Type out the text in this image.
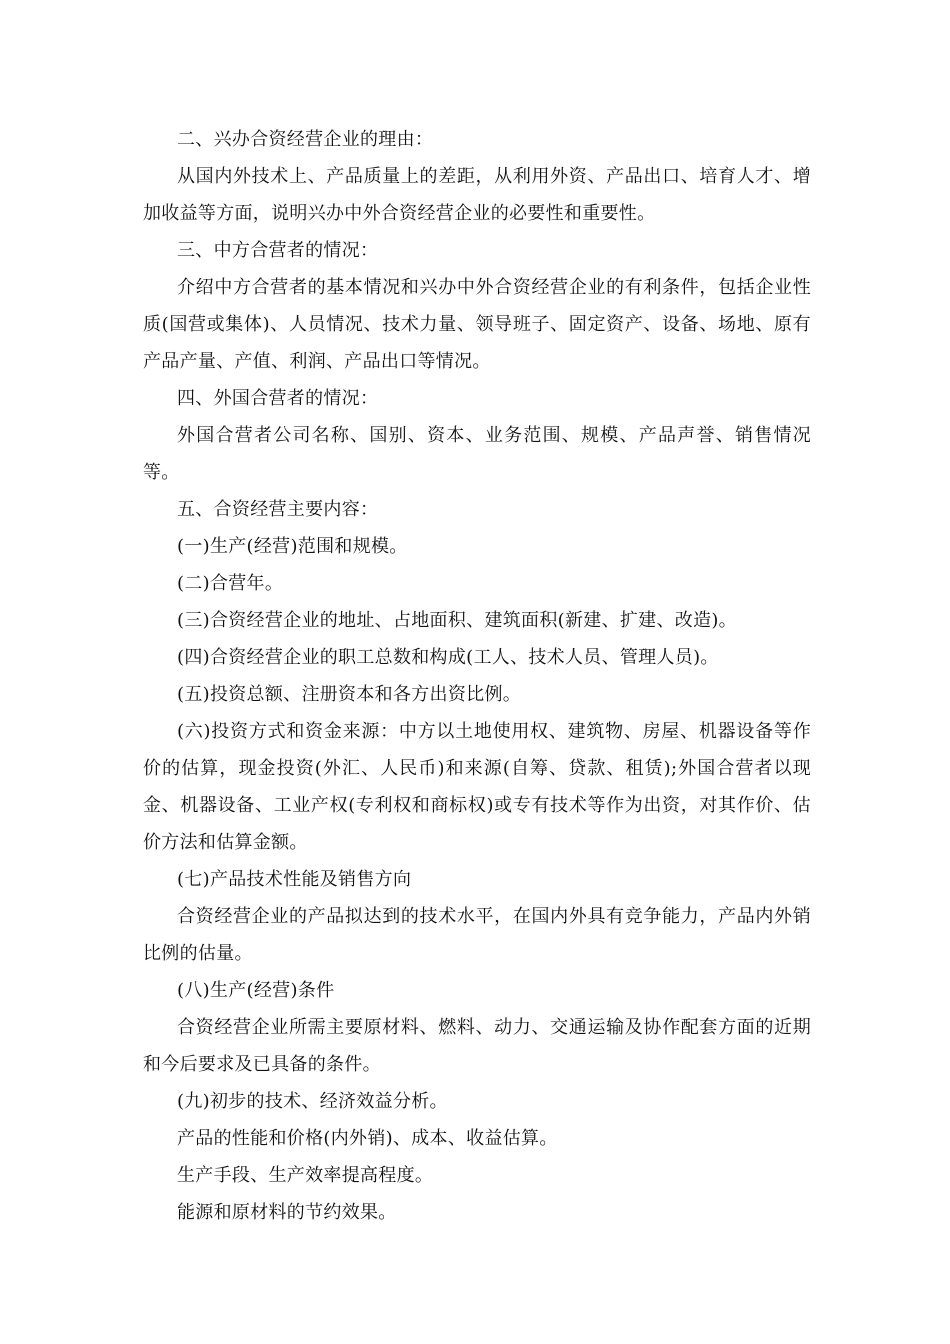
二、兴办合资经营企业的理由：

从国内外技术上、产品质量上的差距，从利用外资、产品出口、培育人才、增加收益等方面，说明兴办中外合资经营企业的必要性和重要性。

三、中方合营者的情况：

介绍中方合营者的基本情况和兴办中外合资经营企业的有利条件，包括企业性质(国营或集体)、人员情况、技术力量、领导班子、固定资产、设备、场地、原有产品产量、产值、利润、产品出口等情况。

四、外国合营者的情况：

外国合营者公司名称、国别、资本、业务范围、规模、产品声誉、销售情况等。

五、合资经营主要内容：

(一)生产(经营)范围和规模。

(二)合营年。

(三)合资经营企业的地址、占地面积、建筑面积(新建、扩建、改造)。

(四)合资经营企业的职工总数和构成(工人、技术人员、管理人员)。

(五)投资总额、注册资本和各方出资比例。

(六)投资方式和资金来源：中方以土地使用权、建筑物、房屋、机器设备等作价的估算，现金投资(外汇、人民币)和来源(自筹、贷款、租赁);外国合营者以现金、机器设备、工业产权(专利权和商标权)或专有技术等作为出资，对其作价、估价方法和估算金额。

(七)产品技术性能及销售方向

合资经营企业的产品拟达到的技术水平，在国内外具有竞争能力，产品内外销比例的估量。

(八)生产(经营)条件

合资经营企业所需主要原材料、燃料、动力、交通运输及协作配套方面的近期和今后要求及已具备的条件。

(九)初步的技术、经济效益分析。

产品的性能和价格(内外销)、成本、收益估算。

生产手段、生产效率提高程度。

能源和原材料的节约效果。
